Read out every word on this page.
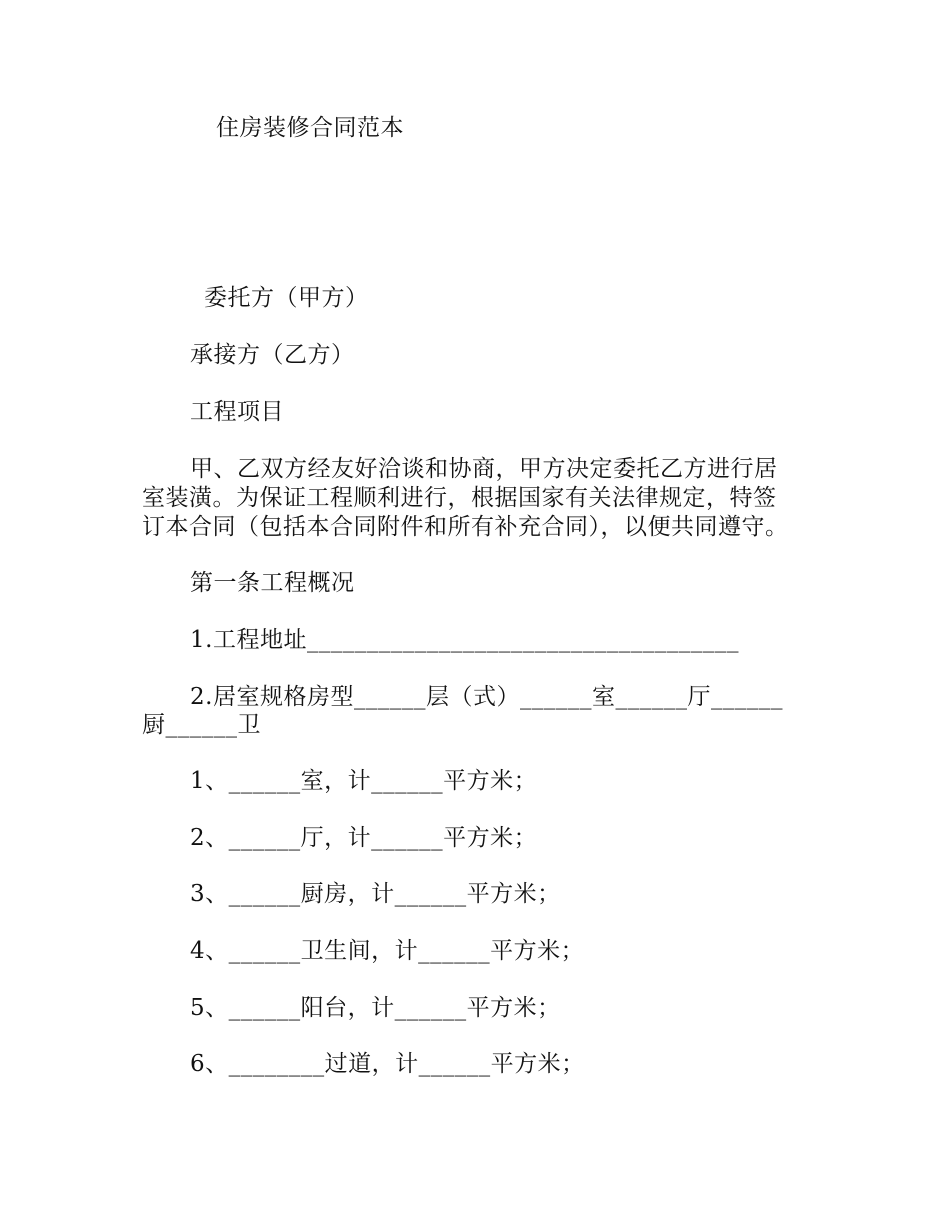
住房装修合同范本
委托方（甲方）
承接方（乙方）
工程项目
甲、乙双方经友好洽谈和协商，甲方决定委托乙方进行居
室装潢。为保证工程顺利进行，根据国家有关法律规定，特签
订本合同（包括本合同附件和所有补充合同），以便共同遵守。
第一条工程概况
1.工程地址____________________________________
2.居室规格房型______层（式）______室______厅______
厨______卫
1、______室，计______平方米；
2、______厅，计______平方米；
3、______厨房，计______平方米；
4、______卫生间，计______平方米；
5、______阳台，计______平方米；
6、________过道，计______平方米；
